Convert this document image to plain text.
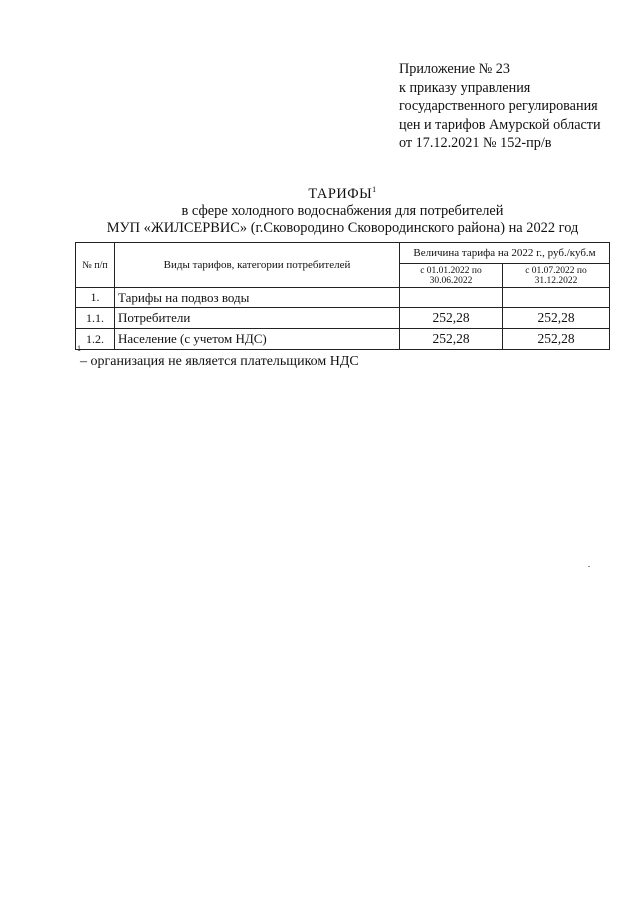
Приложение № 23
к приказу управления
государственного регулирования
цен и тарифов Амурской области
от 17.12.2021 № 152-пр/в
ТАРИФЫ$^1$
в сфере холодного водоснабжения для потребителей
МУП «ЖИЛСЕРВИС» (г.Сковородино Сковородинского района) на 2022 год
№ п/п	Виды тарифов, категории потребителей	Величина тарифа на 2022 г., руб./куб.м	
		с 01.01.2022 по 30.06.2022	с 01.07.2022 по 31.12.2022
1.	Тарифы на подвоз воды		
1.1.	Потребители	252,28	252,28
1.2.	Население (с учетом НДС)	252,28	252,28
1
– организация не является плательщиком НДС
